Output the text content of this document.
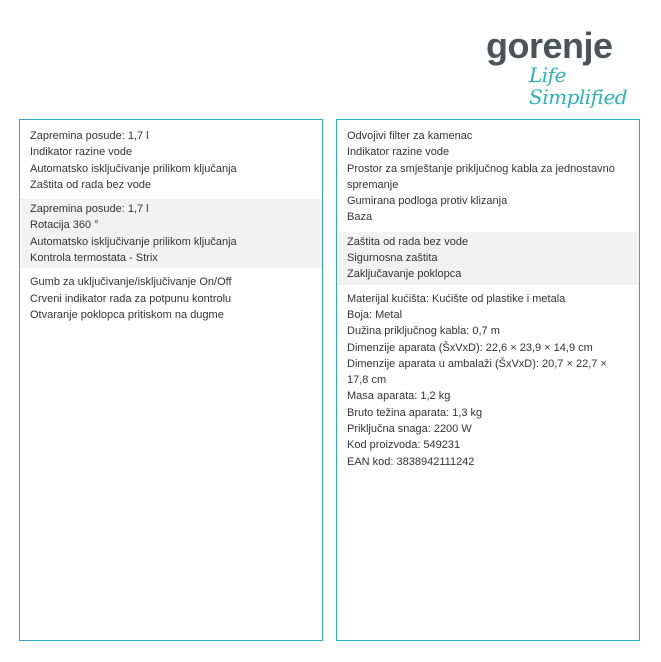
gorenje
Life Simplified
Zapremina posude: 1,7 l
Indikator razine vode
Automatsko isključivanje prilikom ključanja
Zaštita od rada bez vode
Zapremina posude: 1,7 l
Rotacija 360 °
Automatsko isključivanje prilikom ključanja
Kontrola termostata - Strix
Gumb za uključivanje/isključivanje On/Off
Crveni indikator rada za potpunu kontrolu
Otvaranje poklopca pritiskom na dugme
Odvojivi filter za kamenac
Indikator razine vode
Prostor za smještanje priključnog kabla za jednostavno
spremanje
Gumirana podloga protiv klizanja
Baza
Zaštita od rada bez vode
Sigurnosna zaštita
Zaključavanje poklopca
Materijal kućišta: Kućište od plastike i metala
Boja: Metal
Dužina priključnog kabla: 0,7 m
Dimenzije aparata (ŠxVxD): 22,6 × 23,9 × 14,9 cm
Dimenzije aparata u ambalaži (ŠxVxD): 20,7 × 22,7 ×
17,8 cm
Masa aparata: 1,2 kg
Bruto težina aparata: 1,3 kg
Priključna snaga: 2200 W
Kod proizvoda: 549231
EAN kod: 3838942111242
